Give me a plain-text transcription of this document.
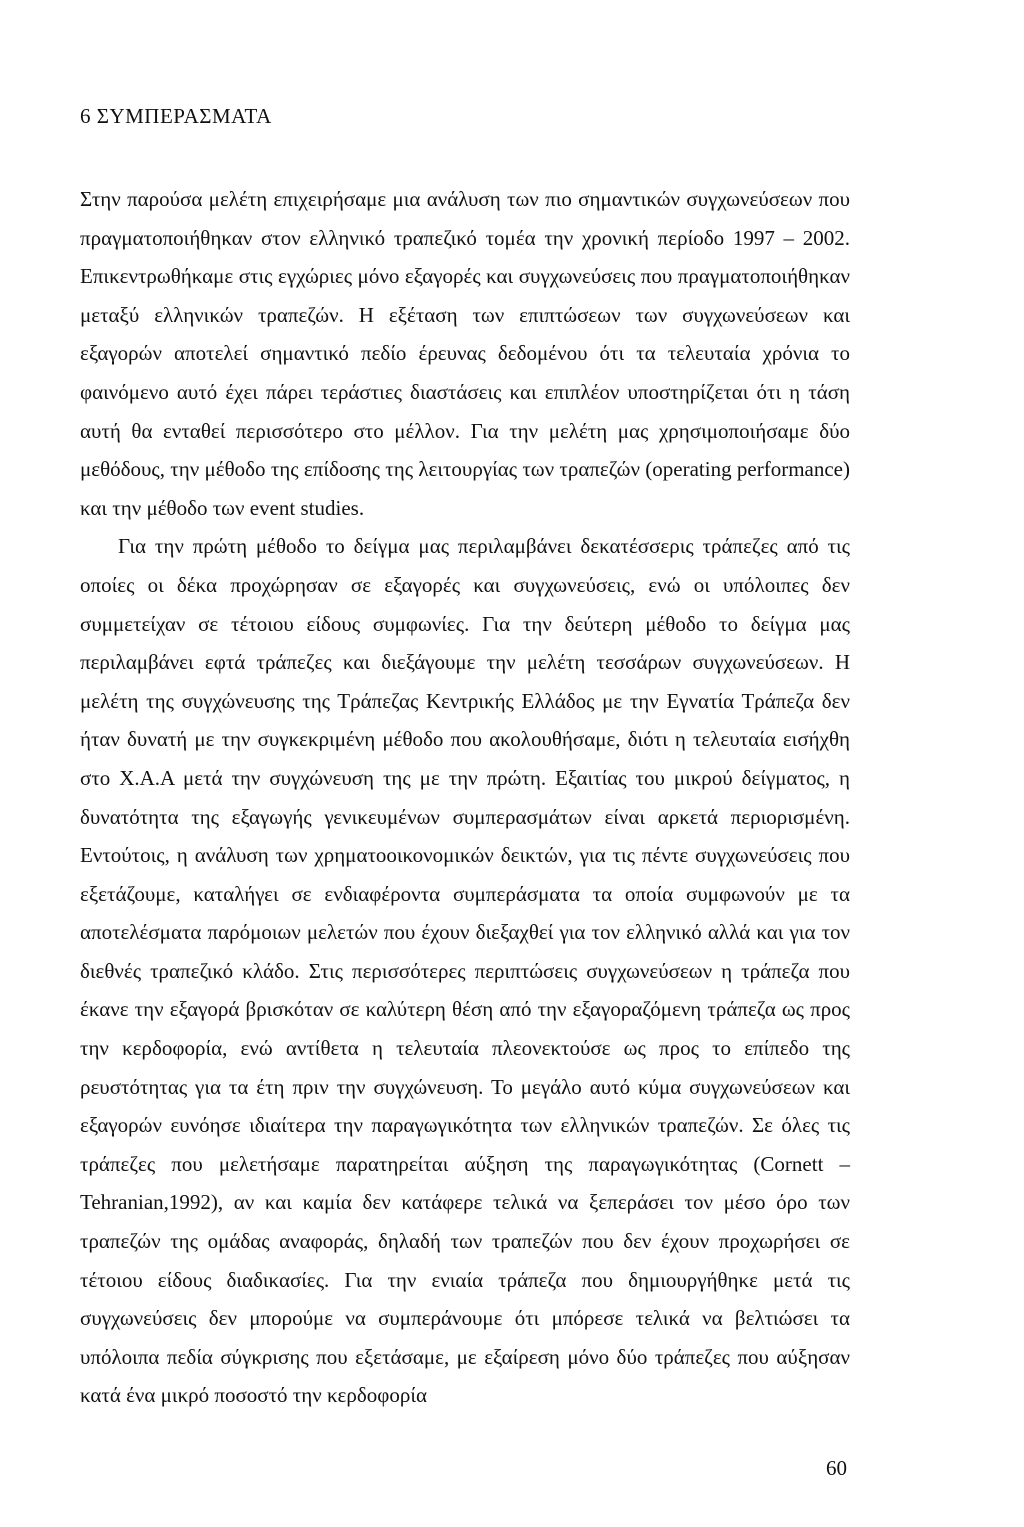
6 ΣΥΜΠΕΡΑΣΜΑΤΑ

Στην παρούσα μελέτη επιχειρήσαμε μια ανάλυση των πιο σημαντικών συγχωνεύσεων που πραγματοποιήθηκαν στον ελληνικό τραπεζικό τομέα την χρονική περίοδο 1997 – 2002. Επικεντρωθήκαμε στις εγχώριες μόνο εξαγορές και συγχωνεύσεις που πραγματοποιήθηκαν μεταξύ ελληνικών τραπεζών. Η εξέταση των επιπτώσεων των συγχωνεύσεων και εξαγορών αποτελεί σημαντικό πεδίο έρευνας δεδομένου ότι τα τελευταία χρόνια το φαινόμενο αυτό έχει πάρει τεράστιες διαστάσεις και επιπλέον υποστηρίζεται ότι η τάση αυτή θα ενταθεί περισσότερο στο μέλλον. Για την μελέτη μας χρησιμοποιήσαμε δύο μεθόδους, την μέθοδο της επίδοσης της λειτουργίας των τραπεζών (operating performance) και την μέθοδο των event studies.

Για την πρώτη μέθοδο το δείγμα μας περιλαμβάνει δεκατέσσερις τράπεζες από τις οποίες οι δέκα προχώρησαν σε εξαγορές και συγχωνεύσεις, ενώ οι υπόλοιπες δεν συμμετείχαν σε τέτοιου είδους συμφωνίες. Για την δεύτερη μέθοδο το δείγμα μας περιλαμβάνει εφτά τράπεζες και διεξάγουμε την μελέτη τεσσάρων συγχωνεύσεων. Η μελέτη της συγχώνευσης της Τράπεζας Κεντρικής Ελλάδος με την Εγνατία Τράπεζα δεν ήταν δυνατή με την συγκεκριμένη μέθοδο που ακολουθήσαμε, διότι η τελευταία εισήχθη στο Χ.Α.Α μετά την συγχώνευση της με την πρώτη. Εξαιτίας του μικρού δείγματος, η δυνατότητα της εξαγωγής γενικευμένων συμπερασμάτων είναι αρκετά περιορισμένη. Εντούτοις, η ανάλυση των χρηματοοικονομικών δεικτών, για τις πέντε συγχωνεύσεις που εξετάζουμε, καταλήγει σε ενδιαφέροντα συμπεράσματα τα οποία συμφωνούν με τα αποτελέσματα παρόμοιων μελετών που έχουν διεξαχθεί για τον ελληνικό αλλά και για τον διεθνές τραπεζικό κλάδο. Στις περισσότερες περιπτώσεις συγχωνεύσεων η τράπεζα που έκανε την εξαγορά βρισκόταν σε καλύτερη θέση από την εξαγοραζόμενη τράπεζα ως προς την κερδοφορία, ενώ αντίθετα η τελευταία πλεονεκτούσε ως προς το επίπεδο της ρευστότητας για τα έτη πριν την συγχώνευση. Το μεγάλο αυτό κύμα συγχωνεύσεων και εξαγορών ευνόησε ιδιαίτερα την παραγωγικότητα των ελληνικών τραπεζών. Σε όλες τις τράπεζες που μελετήσαμε παρατηρείται αύξηση της παραγωγικότητας (Cornett – Tehranian,1992), αν και καμία δεν κατάφερε τελικά να ξεπεράσει τον μέσο όρο των τραπεζών της ομάδας αναφοράς, δηλαδή των τραπεζών που δεν έχουν προχωρήσει σε τέτοιου είδους διαδικασίες. Για την ενιαία τράπεζα που δημιουργήθηκε μετά τις συγχωνεύσεις δεν μπορούμε να συμπεράνουμε ότι μπόρεσε τελικά να βελτιώσει τα υπόλοιπα πεδία σύγκρισης που εξετάσαμε, με εξαίρεση μόνο δύο τράπεζες που αύξησαν κατά ένα μικρό ποσοστό την κερδοφορία

60
